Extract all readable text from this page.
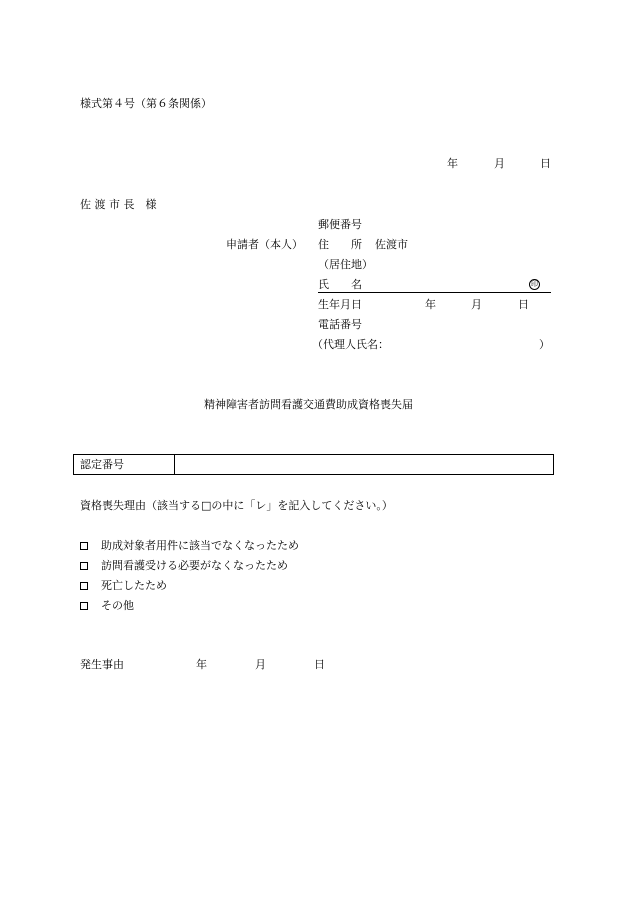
様式第４号（第６条関係）
年	月	日
佐 渡 市 長　様
郵便番号
申請者（本人） 住　　所 佐渡市
（居住地）
氏　　名	印
生年月日	年	月	日
電話番号
（代理人氏名：	）
精神障害者訪問看護交通費助成資格喪失届
認定番号
資格喪失理由（該当する□の中に「レ」を記入してください。）
助成対象者用件に該当でなくなったため
訪問看護受ける必要がなくなったため
死亡したため
その他
発生事由	年	月	日
